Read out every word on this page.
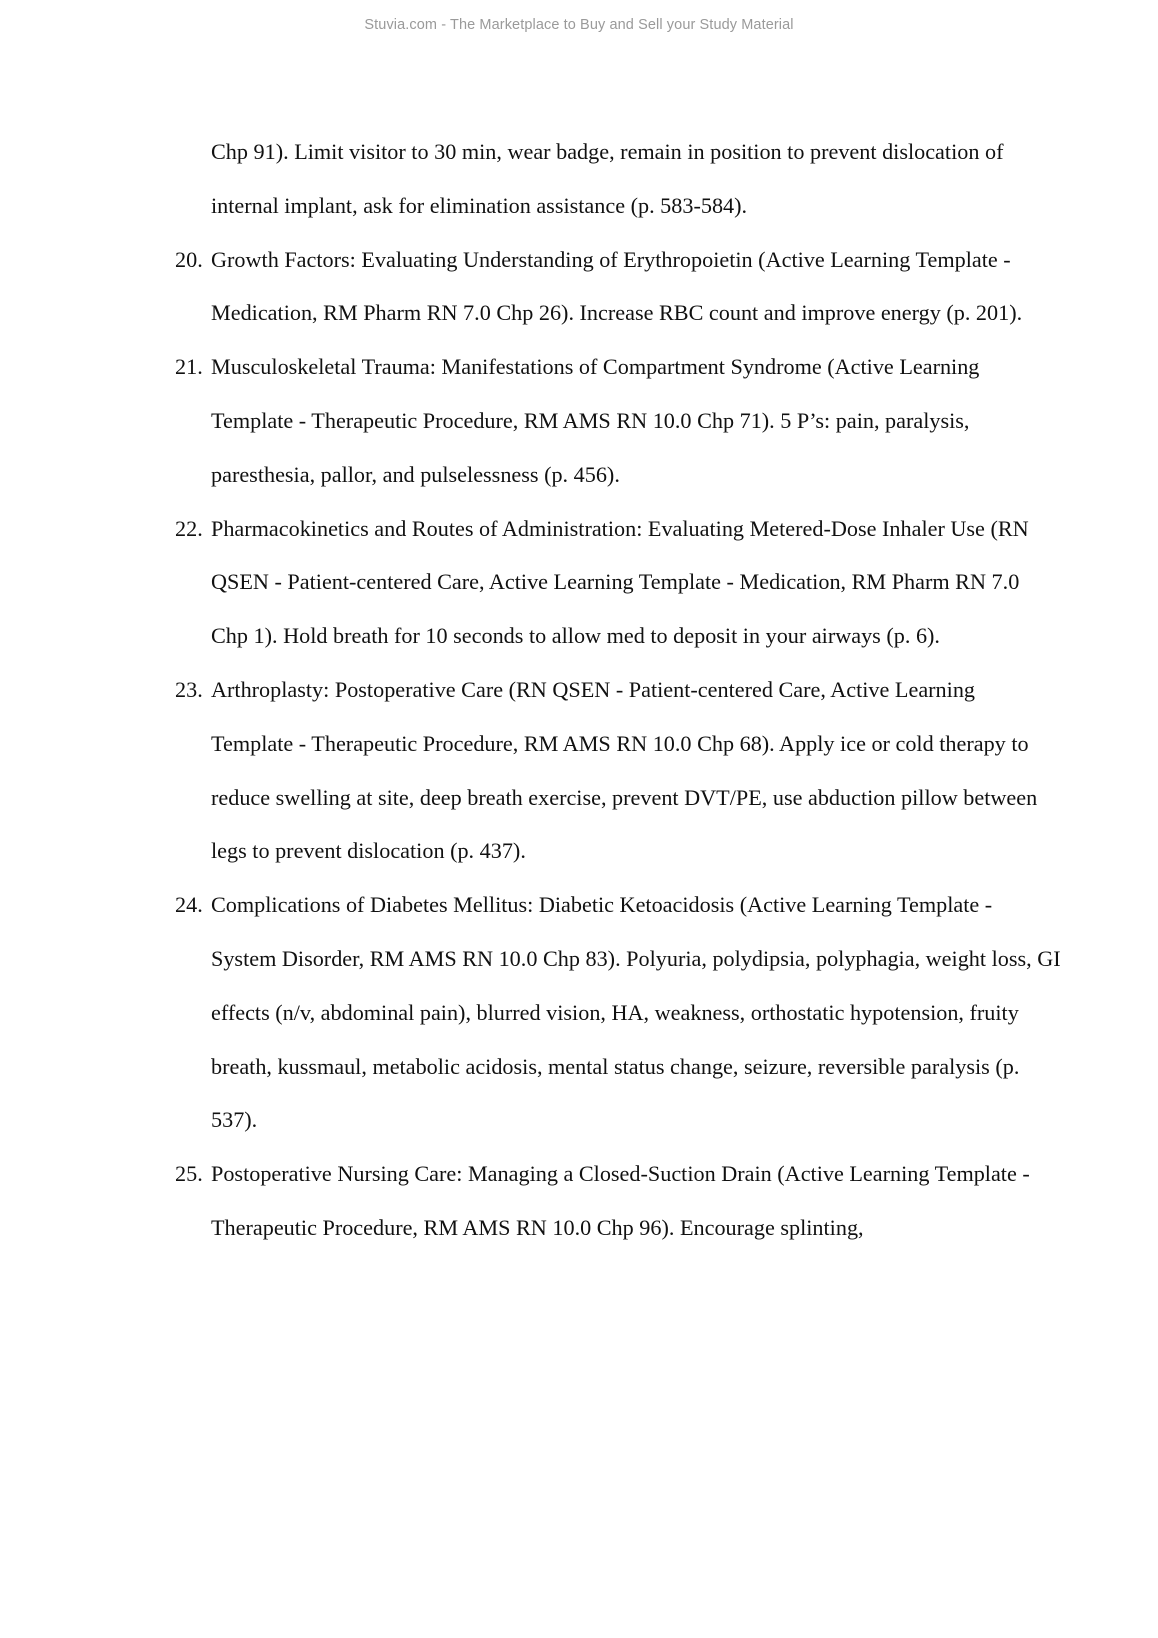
Stuvia.com - The Marketplace to Buy and Sell your Study Material

Chp 91). Limit visitor to 30 min, wear badge, remain in position to prevent dislocation of internal implant, ask for elimination assistance (p. 583-584).

20. Growth Factors: Evaluating Understanding of Erythropoietin (Active Learning Template - Medication, RM Pharm RN 7.0 Chp 26). Increase RBC count and improve energy (p. 201).
21. Musculoskeletal Trauma: Manifestations of Compartment Syndrome (Active Learning Template - Therapeutic Procedure, RM AMS RN 10.0 Chp 71). 5 P’s: pain, paralysis, paresthesia, pallor, and pulselessness (p. 456).
22. Pharmacokinetics and Routes of Administration: Evaluating Metered-Dose Inhaler Use (RN QSEN - Patient-centered Care, Active Learning Template - Medication, RM Pharm RN 7.0 Chp 1). Hold breath for 10 seconds to allow med to deposit in your airways (p. 6).
23. Arthroplasty: Postoperative Care (RN QSEN - Patient-centered Care, Active Learning Template - Therapeutic Procedure, RM AMS RN 10.0 Chp 68). Apply ice or cold therapy to reduce swelling at site, deep breath exercise, prevent DVT/PE, use abduction pillow between legs to prevent dislocation (p. 437).
24. Complications of Diabetes Mellitus: Diabetic Ketoacidosis (Active Learning Template - System Disorder, RM AMS RN 10.0 Chp 83). Polyuria, polydipsia, polyphagia, weight loss, GI effects (n/v, abdominal pain), blurred vision, HA, weakness, orthostatic hypotension, fruity breath, kussmaul, metabolic acidosis, mental status change, seizure, reversible paralysis (p. 537).
25. Postoperative Nursing Care: Managing a Closed-Suction Drain (Active Learning Template - Therapeutic Procedure, RM AMS RN 10.0 Chp 96). Encourage splinting,
